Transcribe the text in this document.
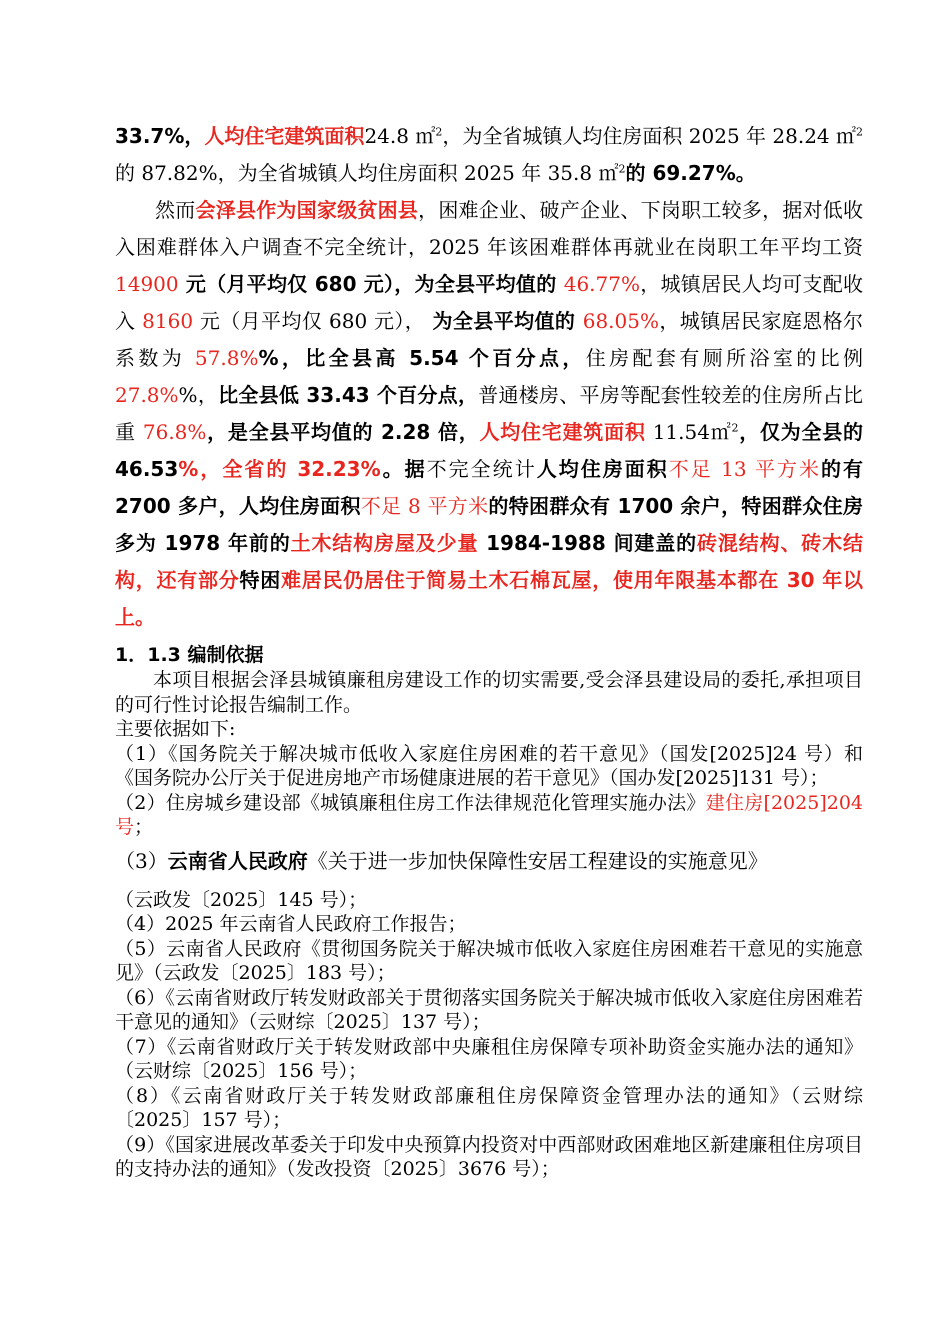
33.7%，人均住宅建筑面积24.8 ㎡$^2$，为全省城镇人均住房面积 2025 年 28.24 ㎡$^2$的 87.82%，为全省城镇人均住房面积 2025 年 35.8 ㎡$^2$的 69.27%。

然而会泽县作为国家级贫困县，困难企业、破产企业、下岗职工较多，据对低收入困难群体入户调查不完全统计，2025 年该困难群体再就业在岗职工年平均工资 14900 元（月平均仅 680 元），为全县平均值的 46.77%，城镇居民人均可支配收入 8160 元（月平均仅 680 元）， 为全县平均值的 68.05%，城镇居民家庭恩格尔系数为 57.8%%，比全县高 5.54 个百分点，住房配套有厕所浴室的比例 27.8%%，比全县低 33.43 个百分点，普通楼房、平房等配套性较差的住房所占比重 76.8%，是全县平均值的 2.28 倍，人均住宅建筑面积 11.54㎡$^2$，仅为全县的 46.53%，全省的 32.23%。据不完全统计人均住房面积不足 13 平方米的有 2700 多户，人均住房面积不足 8 平方米的特困群众有 1700 余户，特困群众住房多为 1978 年前的土木结构房屋及少量 1984-1988 间建盖的砖混结构、砖木结构，还有部分特困难居民仍居住于简易土木石棉瓦屋，使用年限基本都在 30 年以上。

1．1.3 编制依据

本项目根据会泽县城镇廉租房建设工作的切实需要,受会泽县建设局的委托,承担项目的可行性讨论报告编制工作。

主要依据如下:

（1）《国务院关于解决城市低收入家庭住房困难的若干意见》（国发[2025]24 号）和《国务院办公厅关于促进房地产市场健康进展的若干意见》（国办发[2025]131 号）；

（2）住房城乡建设部《城镇廉租住房工作法律规范化管理实施办法》建住房[2025]204 号；

（3）云南省人民政府《关于进一步加快保障性安居工程建设的实施意见》

（云政发〔2025〕145 号）；

（4）2025 年云南省人民政府工作报告；

（5）云南省人民政府《贯彻国务院关于解决城市低收入家庭住房困难若干意见的实施意见》（云政发〔2025〕183 号）；

（6）《云南省财政厅转发财政部关于贯彻落实国务院关于解决城市低收入家庭住房困难若干意见的通知》（云财综〔2025〕137 号）；

（7）《云南省财政厅关于转发财政部中央廉租住房保障专项补助资金实施办法的通知》（云财综〔2025〕156 号）；

（8）《云南省财政厅关于转发财政部廉租住房保障资金管理办法的通知》（云财综〔2025〕157 号）；

（9）《国家进展改革委关于印发中央预算内投资对中西部财政困难地区新建廉租住房项目的支持办法的通知》（发改投资〔2025〕3676 号）；
